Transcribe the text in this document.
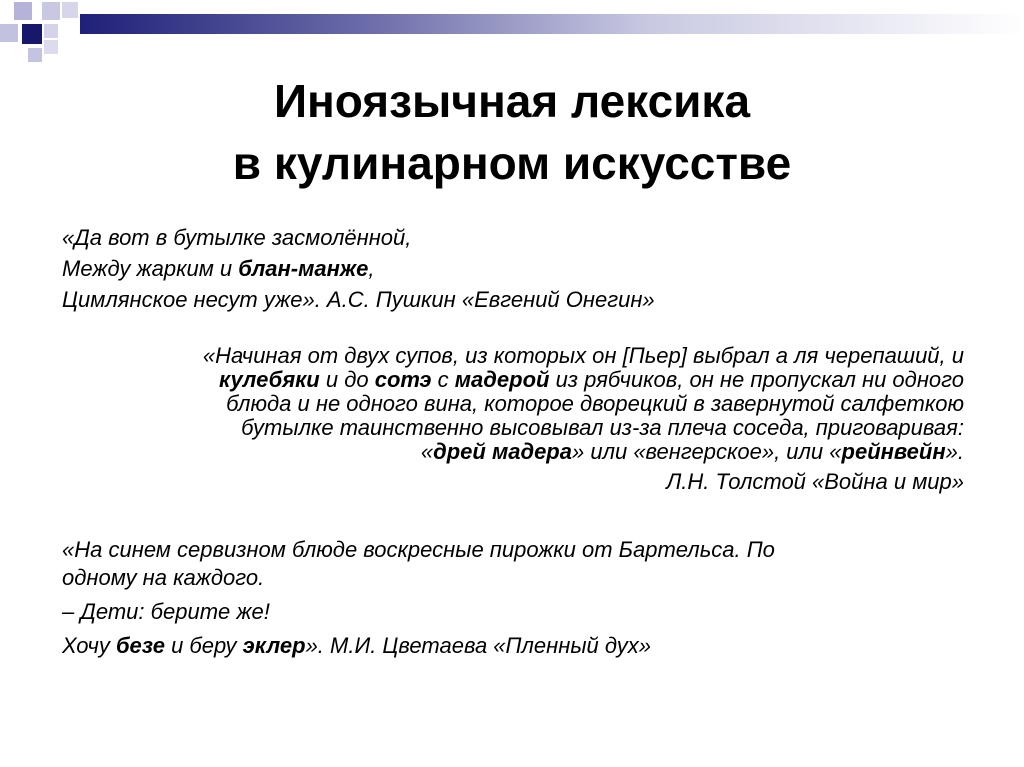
Иноязычная лексика
в кулинарном искусстве
«Да вот в бутылке засмолённой,
Между жарким и блан-манже,
Цимлянское несут уже». А.С. Пушкин «Евгений Онегин»
«Начиная от двух супов, из которых он [Пьер] выбрал а ля черепаший, и
кулебяки и до сотэ с мадерой из рябчиков, он не пропускал ни одного
блюда и не одного вина, которое дворецкий в завернутой салфеткою
бутылке таинственно высовывал из-за плеча соседа, приговаривая:
«дрей мадера» или «венгерское», или «рейнвейн».
Л.Н. Толстой «Война и мир»
«На синем сервизном блюде воскресные пирожки от Бартельса. По
одному на каждого.
– Дети: берите же!
Хочу безе и беру эклер». М.И. Цветаева «Пленный дух»
